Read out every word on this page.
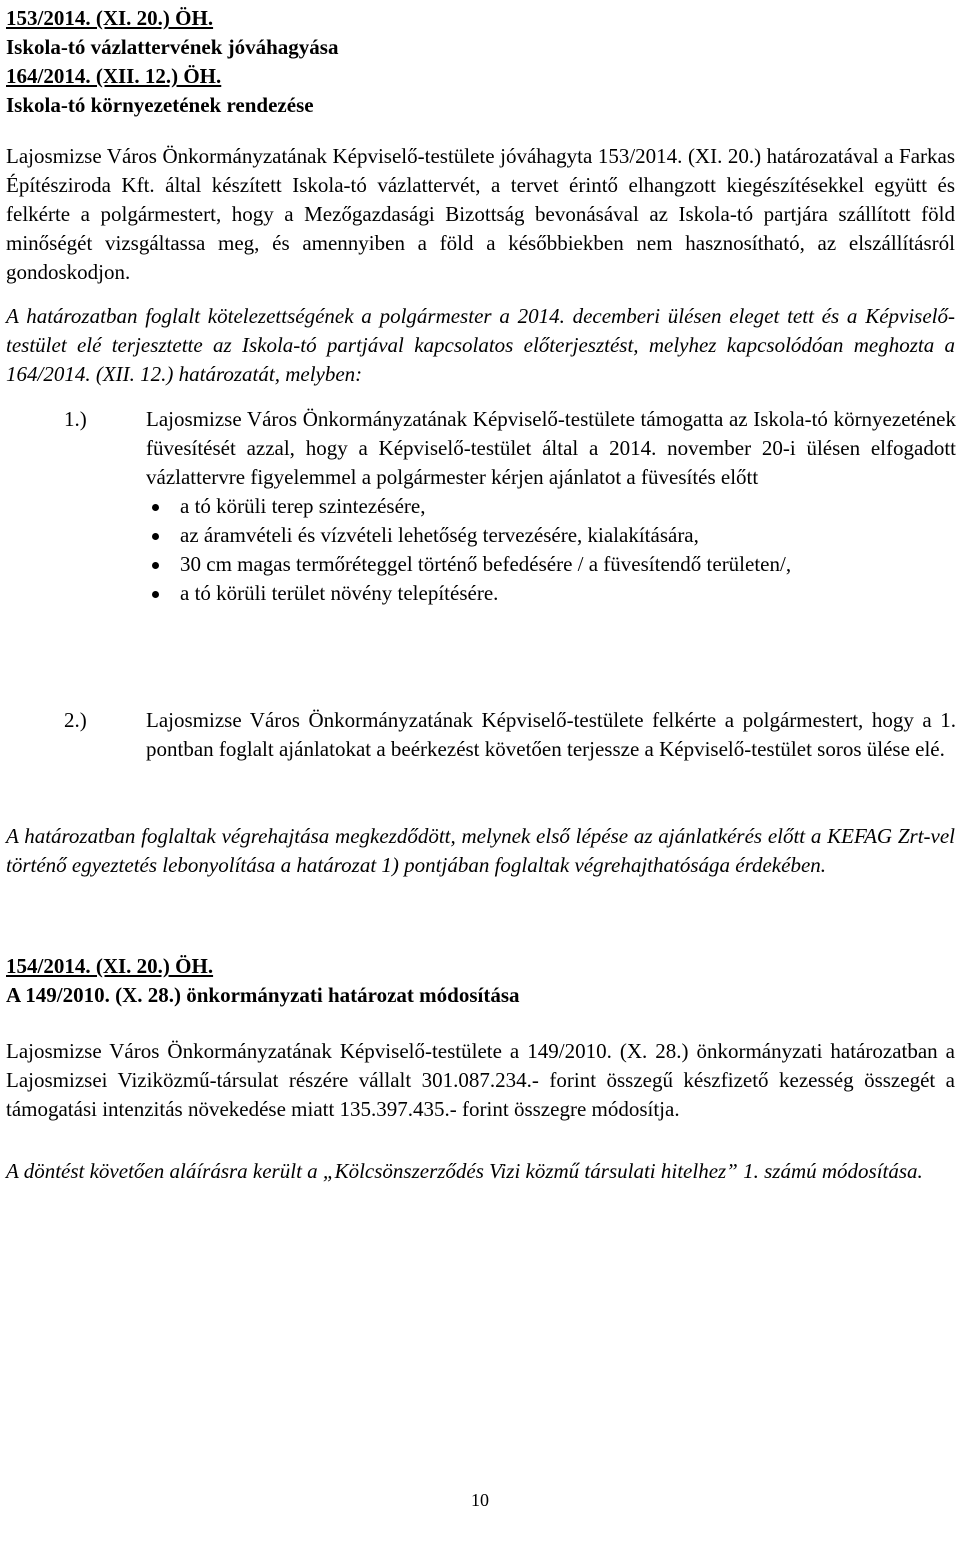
153/2014. (XI. 20.) ÖH.
Iskola-tó vázlattervének jóváhagyása
164/2014. (XII. 12.) ÖH.
Iskola-tó környezetének rendezése
Lajosmizse Város Önkormányzatának Képviselő-testülete jóváhagyta 153/2014. (XI. 20.) határozatával a Farkas Építésziroda Kft. által készített Iskola-tó vázlattervét, a tervet érintő elhangzott kiegészítésekkel együtt és felkérte a polgármestert, hogy a Mezőgazdasági Bizottság bevonásával az Iskola-tó partjára szállított föld minőségét vizsgáltassa meg, és amennyiben a föld a későbbiekben nem hasznosítható, az elszállításról gondoskodjon.
A határozatban foglalt kötelezettségének a polgármester a 2014. decemberi ülésen eleget tett és a Képviselő-testület elé terjesztette az Iskola-tó partjával kapcsolatos előterjesztést, melyhez kapcsolódóan meghozta a 164/2014. (XII. 12.) határozatát, melyben:
1.)	Lajosmizse Város Önkormányzatának Képviselő-testülete támogatta az Iskola-tó környezetének füvesítését azzal, hogy a Képviselő-testület által a 2014. november 20-i ülésen elfogadott vázlattervre figyelemmel a polgármester kérjen ajánlatot a füvesítés előtt
a tó körüli terep szintezésére,
az áramvételi és vízvételi lehetőség tervezésére, kialakítására,
30 cm magas termőréteggel történő befedésére / a füvesítendő területen/,
a tó körüli terület növény telepítésére.
2.)	Lajosmizse Város Önkormányzatának Képviselő-testülete felkérte a polgármestert, hogy a 1. pontban foglalt ajánlatokat a beérkezést követően terjessze a Képviselő-testület soros ülése elé.
A határozatban foglaltak végrehajtása megkezdődött, melynek első lépése az ajánlatkérés előtt a KEFAG Zrt-vel történő egyeztetés lebonyolítása a határozat 1) pontjában foglaltak végrehajthatósága érdekében.
154/2014. (XI. 20.) ÖH.
A 149/2010. (X. 28.) önkormányzati határozat módosítása
Lajosmizse Város Önkormányzatának Képviselő-testülete a 149/2010. (X. 28.) önkormányzati határozatban a Lajosmizsei Viziközmű-társulat részére vállalt 301.087.234.- forint összegű készfizető kezesség összegét a támogatási intenzitás növekedése miatt 135.397.435.- forint összegre módosítja.
A döntést követően aláírásra került a „Kölcsönszerződés Vizi közmű társulati hitelhez” 1. számú módosítása.
10
